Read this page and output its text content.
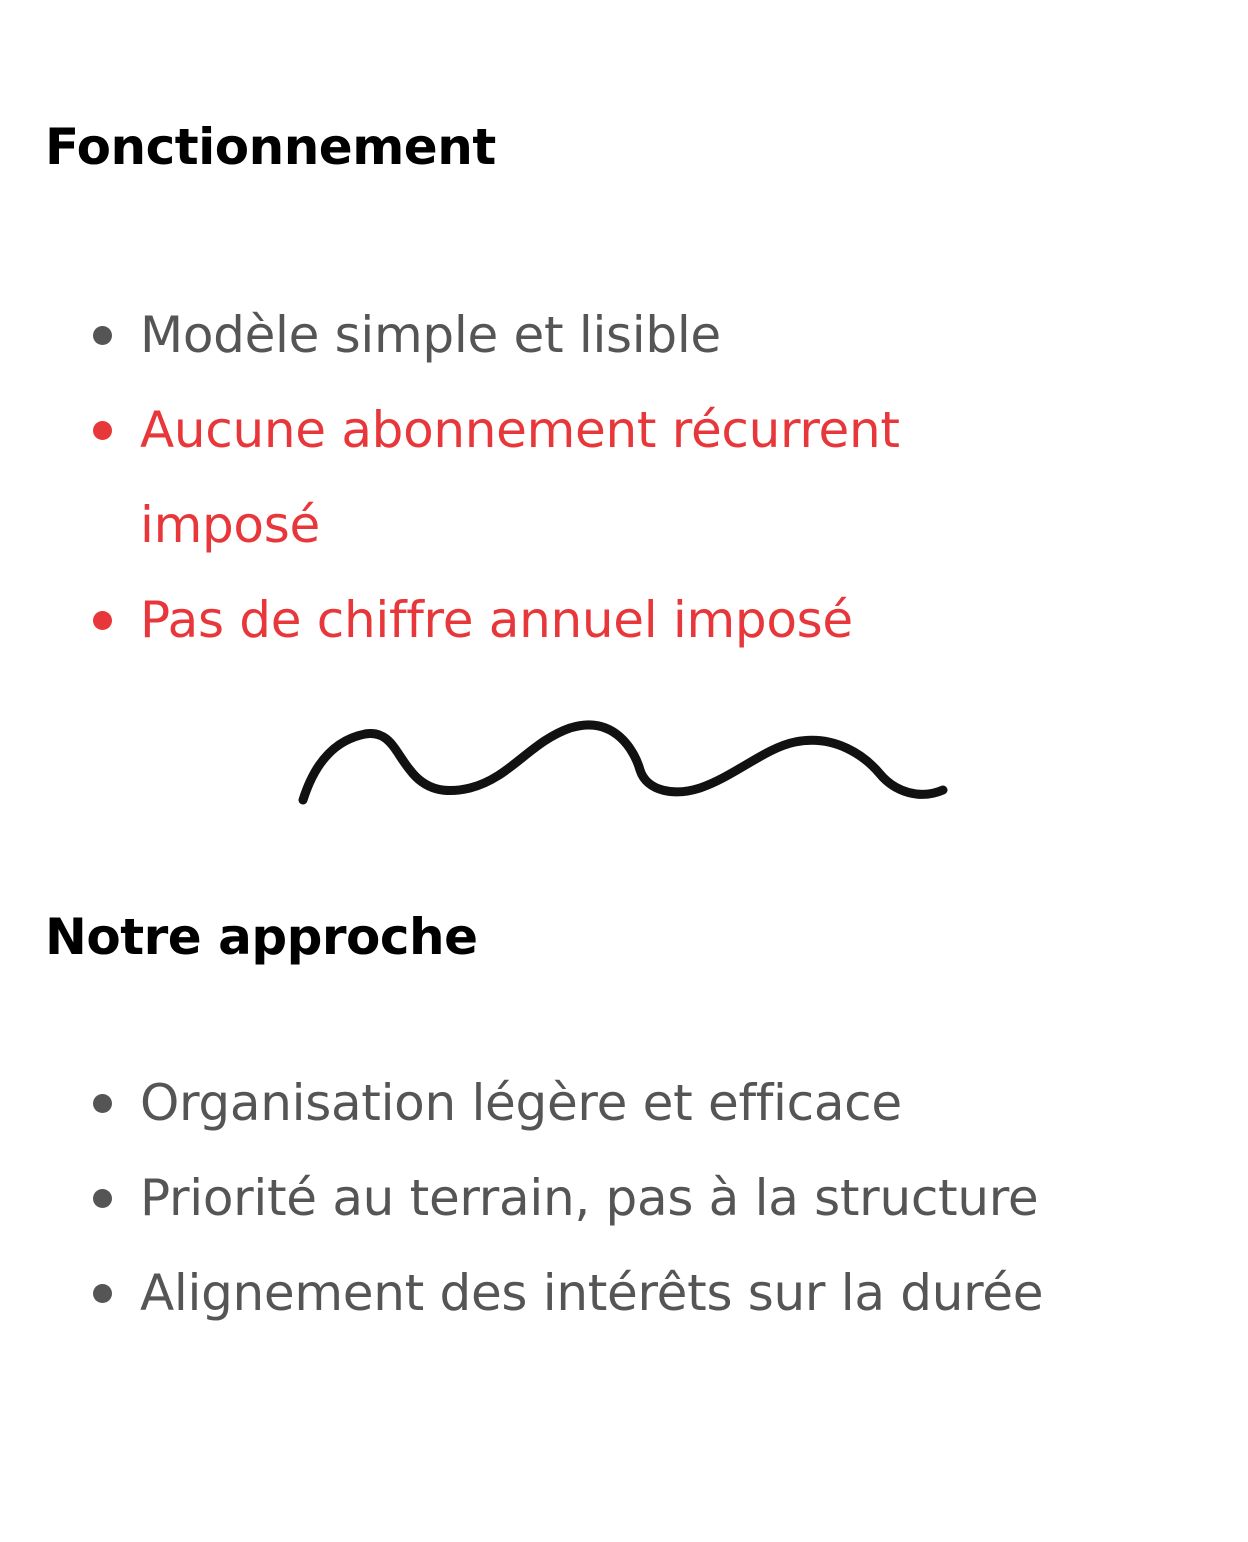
Fonctionnement
Modèle simple et lisible
Aucune abonnement récurrent imposé
Pas de chiffre annuel imposé
Notre approche
Organisation légère et efficace
Priorité au terrain, pas à la structure
Alignement des intérêts sur la durée
